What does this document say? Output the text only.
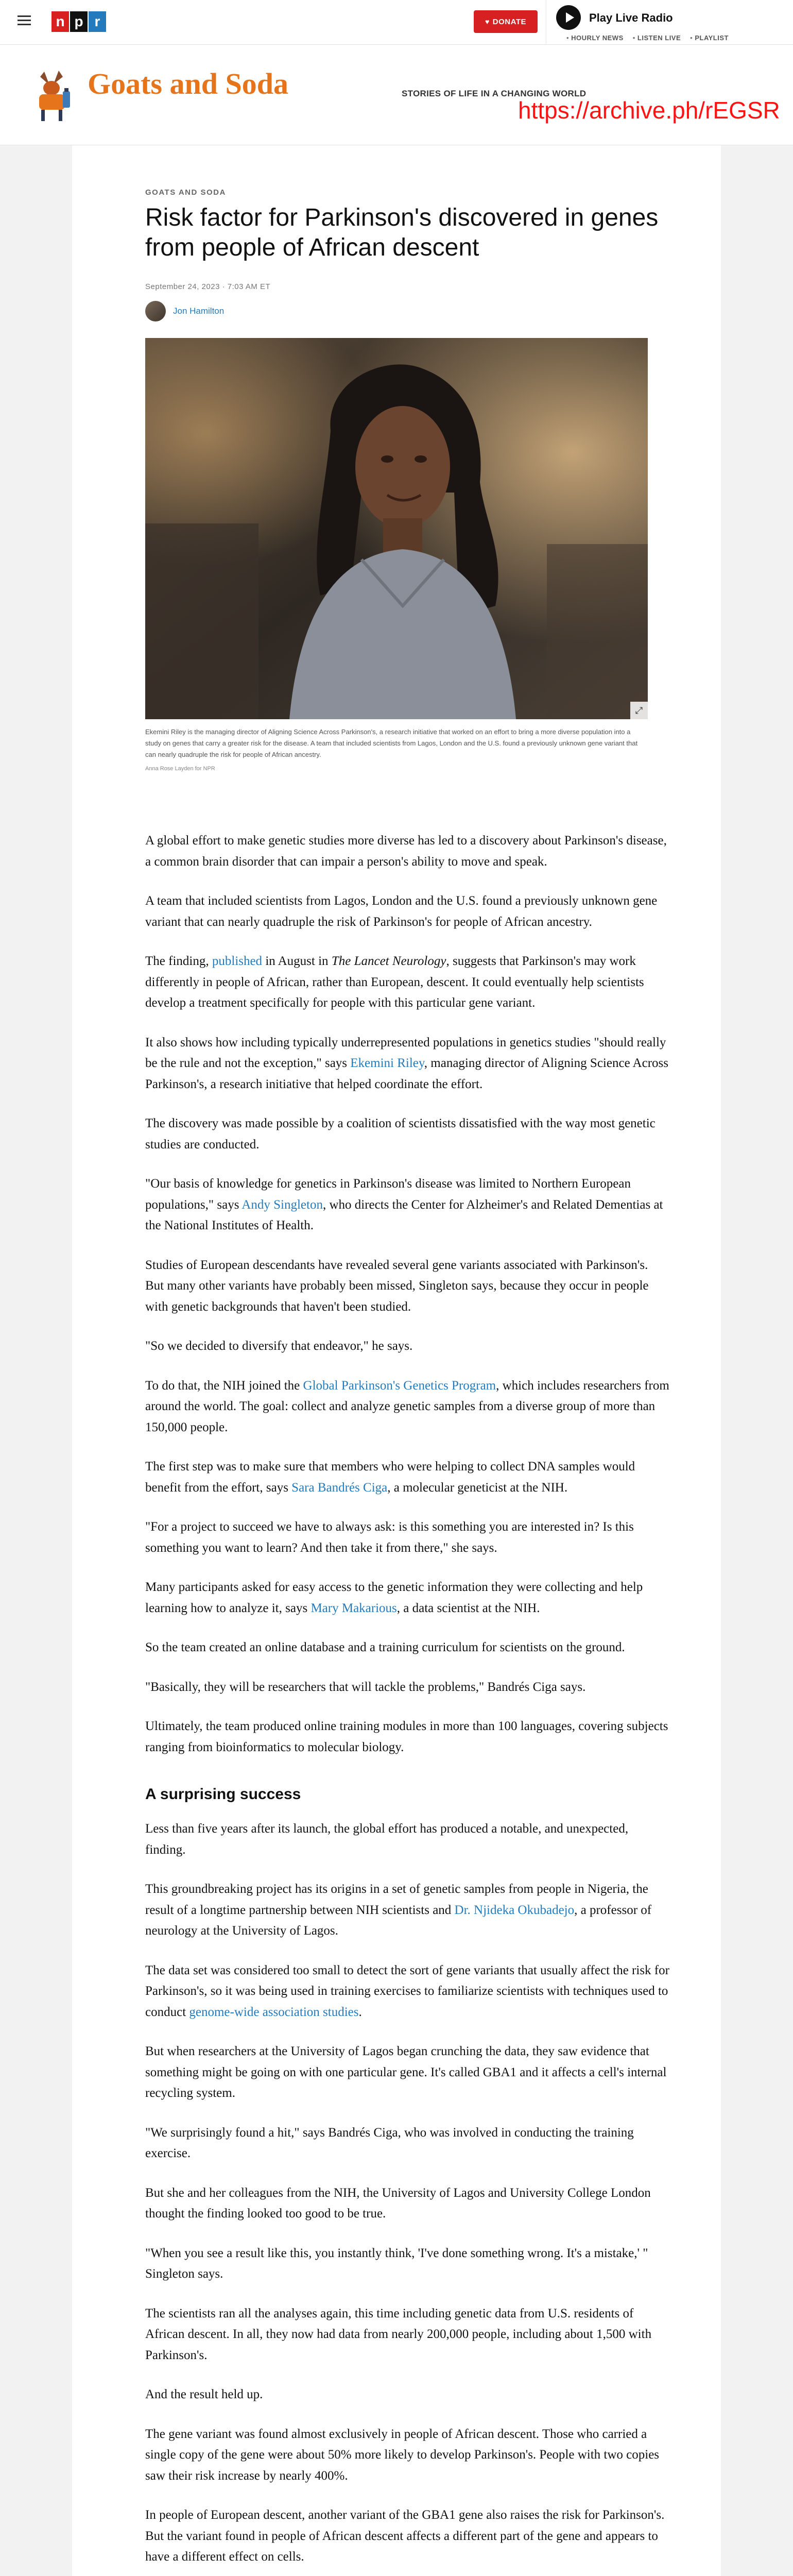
n p r	♥ DONATE	Play Live Radio
• HOURLY NEWS	• LISTEN LIVE	• PLAYLIST
Goats and Soda	STORIES OF LIFE IN A CHANGING WORLD
https://archive.ph/rEGSR
GOATS AND SODA
Risk factor for Parkinson's discovered in genes from people of African descent
September 24, 2023 · 7:03 AM ET
Jon Hamilton
⤢
Ekemini Riley is the managing director of Aligning Science Across Parkinson's, a research initiative that worked on an effort to bring a more diverse population into a study on genes that carry a greater risk for the disease. A team that included scientists from Lagos, London and the U.S. found a previously unknown gene variant that can nearly quadruple the risk for people of African ancestry.
Anna Rose Layden for NPR

A global effort to make genetic studies more diverse has led to a discovery about Parkinson's disease, a common brain disorder that can impair a person's ability to move and speak.

A team that included scientists from Lagos, London and the U.S. found a previously unknown gene variant that can nearly quadruple the risk of Parkinson's for people of African ancestry.

The finding, published in August in The Lancet Neurology, suggests that Parkinson's may work differently in people of African, rather than European, descent. It could eventually help scientists develop a treatment specifically for people with this particular gene variant.

It also shows how including typically underrepresented populations in genetics studies "should really be the rule and not the exception," says Ekemini Riley, managing director of Aligning Science Across Parkinson's, a research initiative that helped coordinate the effort.

The discovery was made possible by a coalition of scientists dissatisfied with the way most genetic studies are conducted.

"Our basis of knowledge for genetics in Parkinson's disease was limited to Northern European populations," says Andy Singleton, who directs the Center for Alzheimer's and Related Dementias at the National Institutes of Health.

Studies of European descendants have revealed several gene variants associated with Parkinson's. But many other variants have probably been missed, Singleton says, because they occur in people with genetic backgrounds that haven't been studied.

"So we decided to diversify that endeavor," he says.

To do that, the NIH joined the Global Parkinson's Genetics Program, which includes researchers from around the world. The goal: collect and analyze genetic samples from a diverse group of more than 150,000 people.

The first step was to make sure that members who were helping to collect DNA samples would benefit from the effort, says Sara Bandrés Ciga, a molecular geneticist at the NIH.

"For a project to succeed we have to always ask: is this something you are interested in? Is this something you want to learn? And then take it from there," she says.

Many participants asked for easy access to the genetic information they were collecting and help learning how to analyze it, says Mary Makarious, a data scientist at the NIH.

So the team created an online database and a training curriculum for scientists on the ground.

"Basically, they will be researchers that will tackle the problems," Bandrés Ciga says.

Ultimately, the team produced online training modules in more than 100 languages, covering subjects ranging from bioinformatics to molecular biology.

A surprising success

Less than five years after its launch, the global effort has produced a notable, and unexpected, finding.

This groundbreaking project has its origins in a set of genetic samples from people in Nigeria, the result of a longtime partnership between NIH scientists and Dr. Njideka Okubadejo, a professor of neurology at the University of Lagos.

The data set was considered too small to detect the sort of gene variants that usually affect the risk for Parkinson's, so it was being used in training exercises to familiarize scientists with techniques used to conduct genome-wide association studies.

But when researchers at the University of Lagos began crunching the data, they saw evidence that something might be going on with one particular gene. It's called GBA1 and it affects a cell's internal recycling system.

"We surprisingly found a hit," says Bandrés Ciga, who was involved in conducting the training exercise.

But she and her colleagues from the NIH, the University of Lagos and University College London thought the finding looked too good to be true.

"When you see a result like this, you instantly think, 'I've done something wrong. It's a mistake,' " Singleton says.

The scientists ran all the analyses again, this time including genetic data from U.S. residents of African descent. In all, they now had data from nearly 200,000 people, including about 1,500 with Parkinson's.

And the result held up.

The gene variant was found almost exclusively in people of African descent. Those who carried a single copy of the gene were about 50% more likely to develop Parkinson's. People with two copies saw their risk increase by nearly 400%.

In people of European descent, another variant of the GBA1 gene also raises the risk for Parkinson's. But the variant found in people of African descent affects a different part of the gene and appears to have a different effect on cells.
